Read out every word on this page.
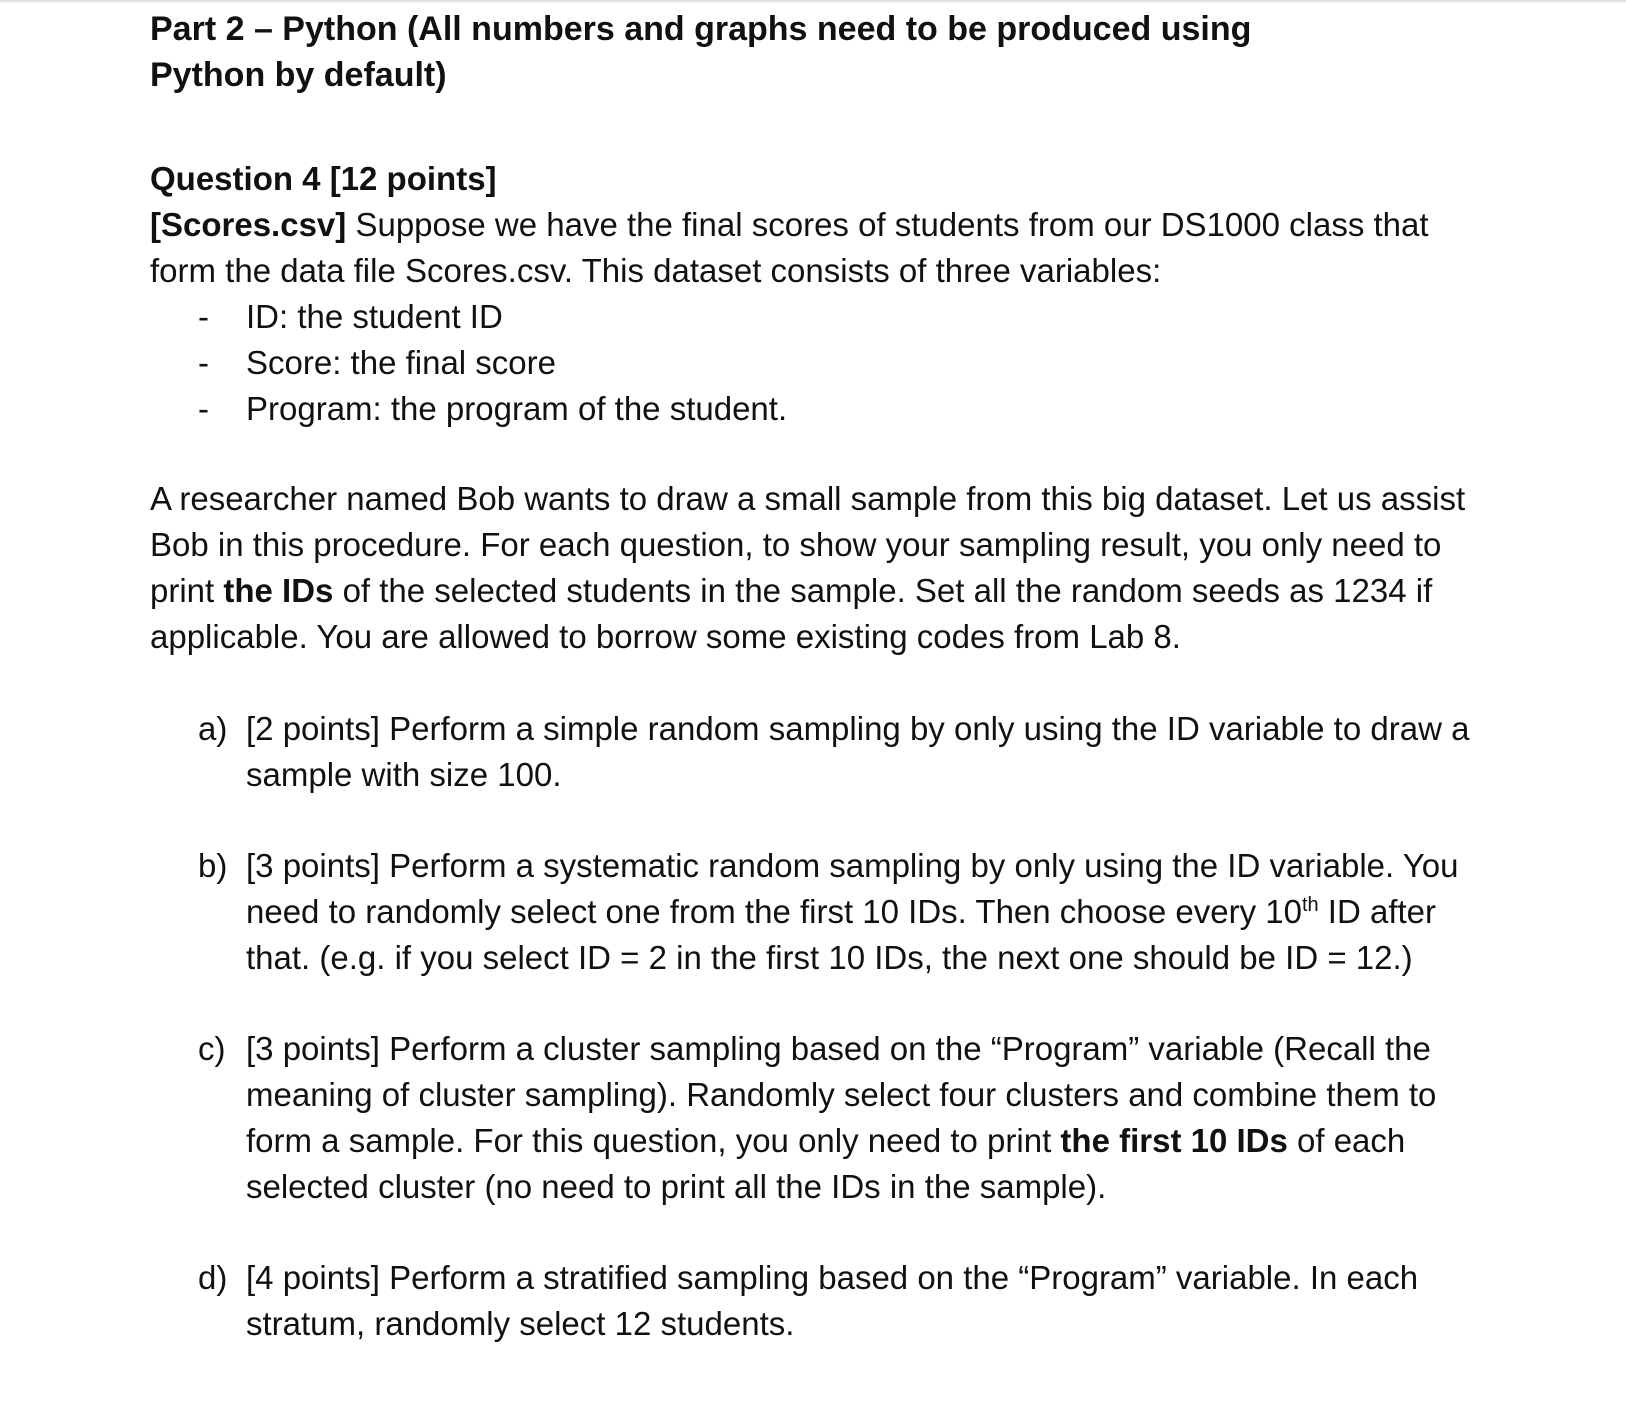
Part 2 – Python (All numbers and graphs need to be produced using Python by default)

Question 4 [12 points]

[Scores.csv] Suppose we have the final scores of students from our DS1000 class that form the data file Scores.csv. This dataset consists of three variables:

- ID: the student ID
- Score: the final score
- Program: the program of the student.

A researcher named Bob wants to draw a small sample from this big dataset. Let us assist Bob in this procedure. For each question, to show your sampling result, you only need to print the IDs of the selected students in the sample. Set all the random seeds as 1234 if applicable. You are allowed to borrow some existing codes from Lab 8.

a) [2 points] Perform a simple random sampling by only using the ID variable to draw a sample with size 100.
b) [3 points] Perform a systematic random sampling by only using the ID variable. You need to randomly select one from the first 10 IDs. Then choose every 10th ID after that. (e.g. if you select ID = 2 in the first 10 IDs, the next one should be ID = 12.)
c) [3 points] Perform a cluster sampling based on the “Program” variable (Recall the meaning of cluster sampling). Randomly select four clusters and combine them to form a sample. For this question, you only need to print the first 10 IDs of each selected cluster (no need to print all the IDs in the sample).
d) [4 points] Perform a stratified sampling based on the “Program” variable. In each stratum, randomly select 12 students.
